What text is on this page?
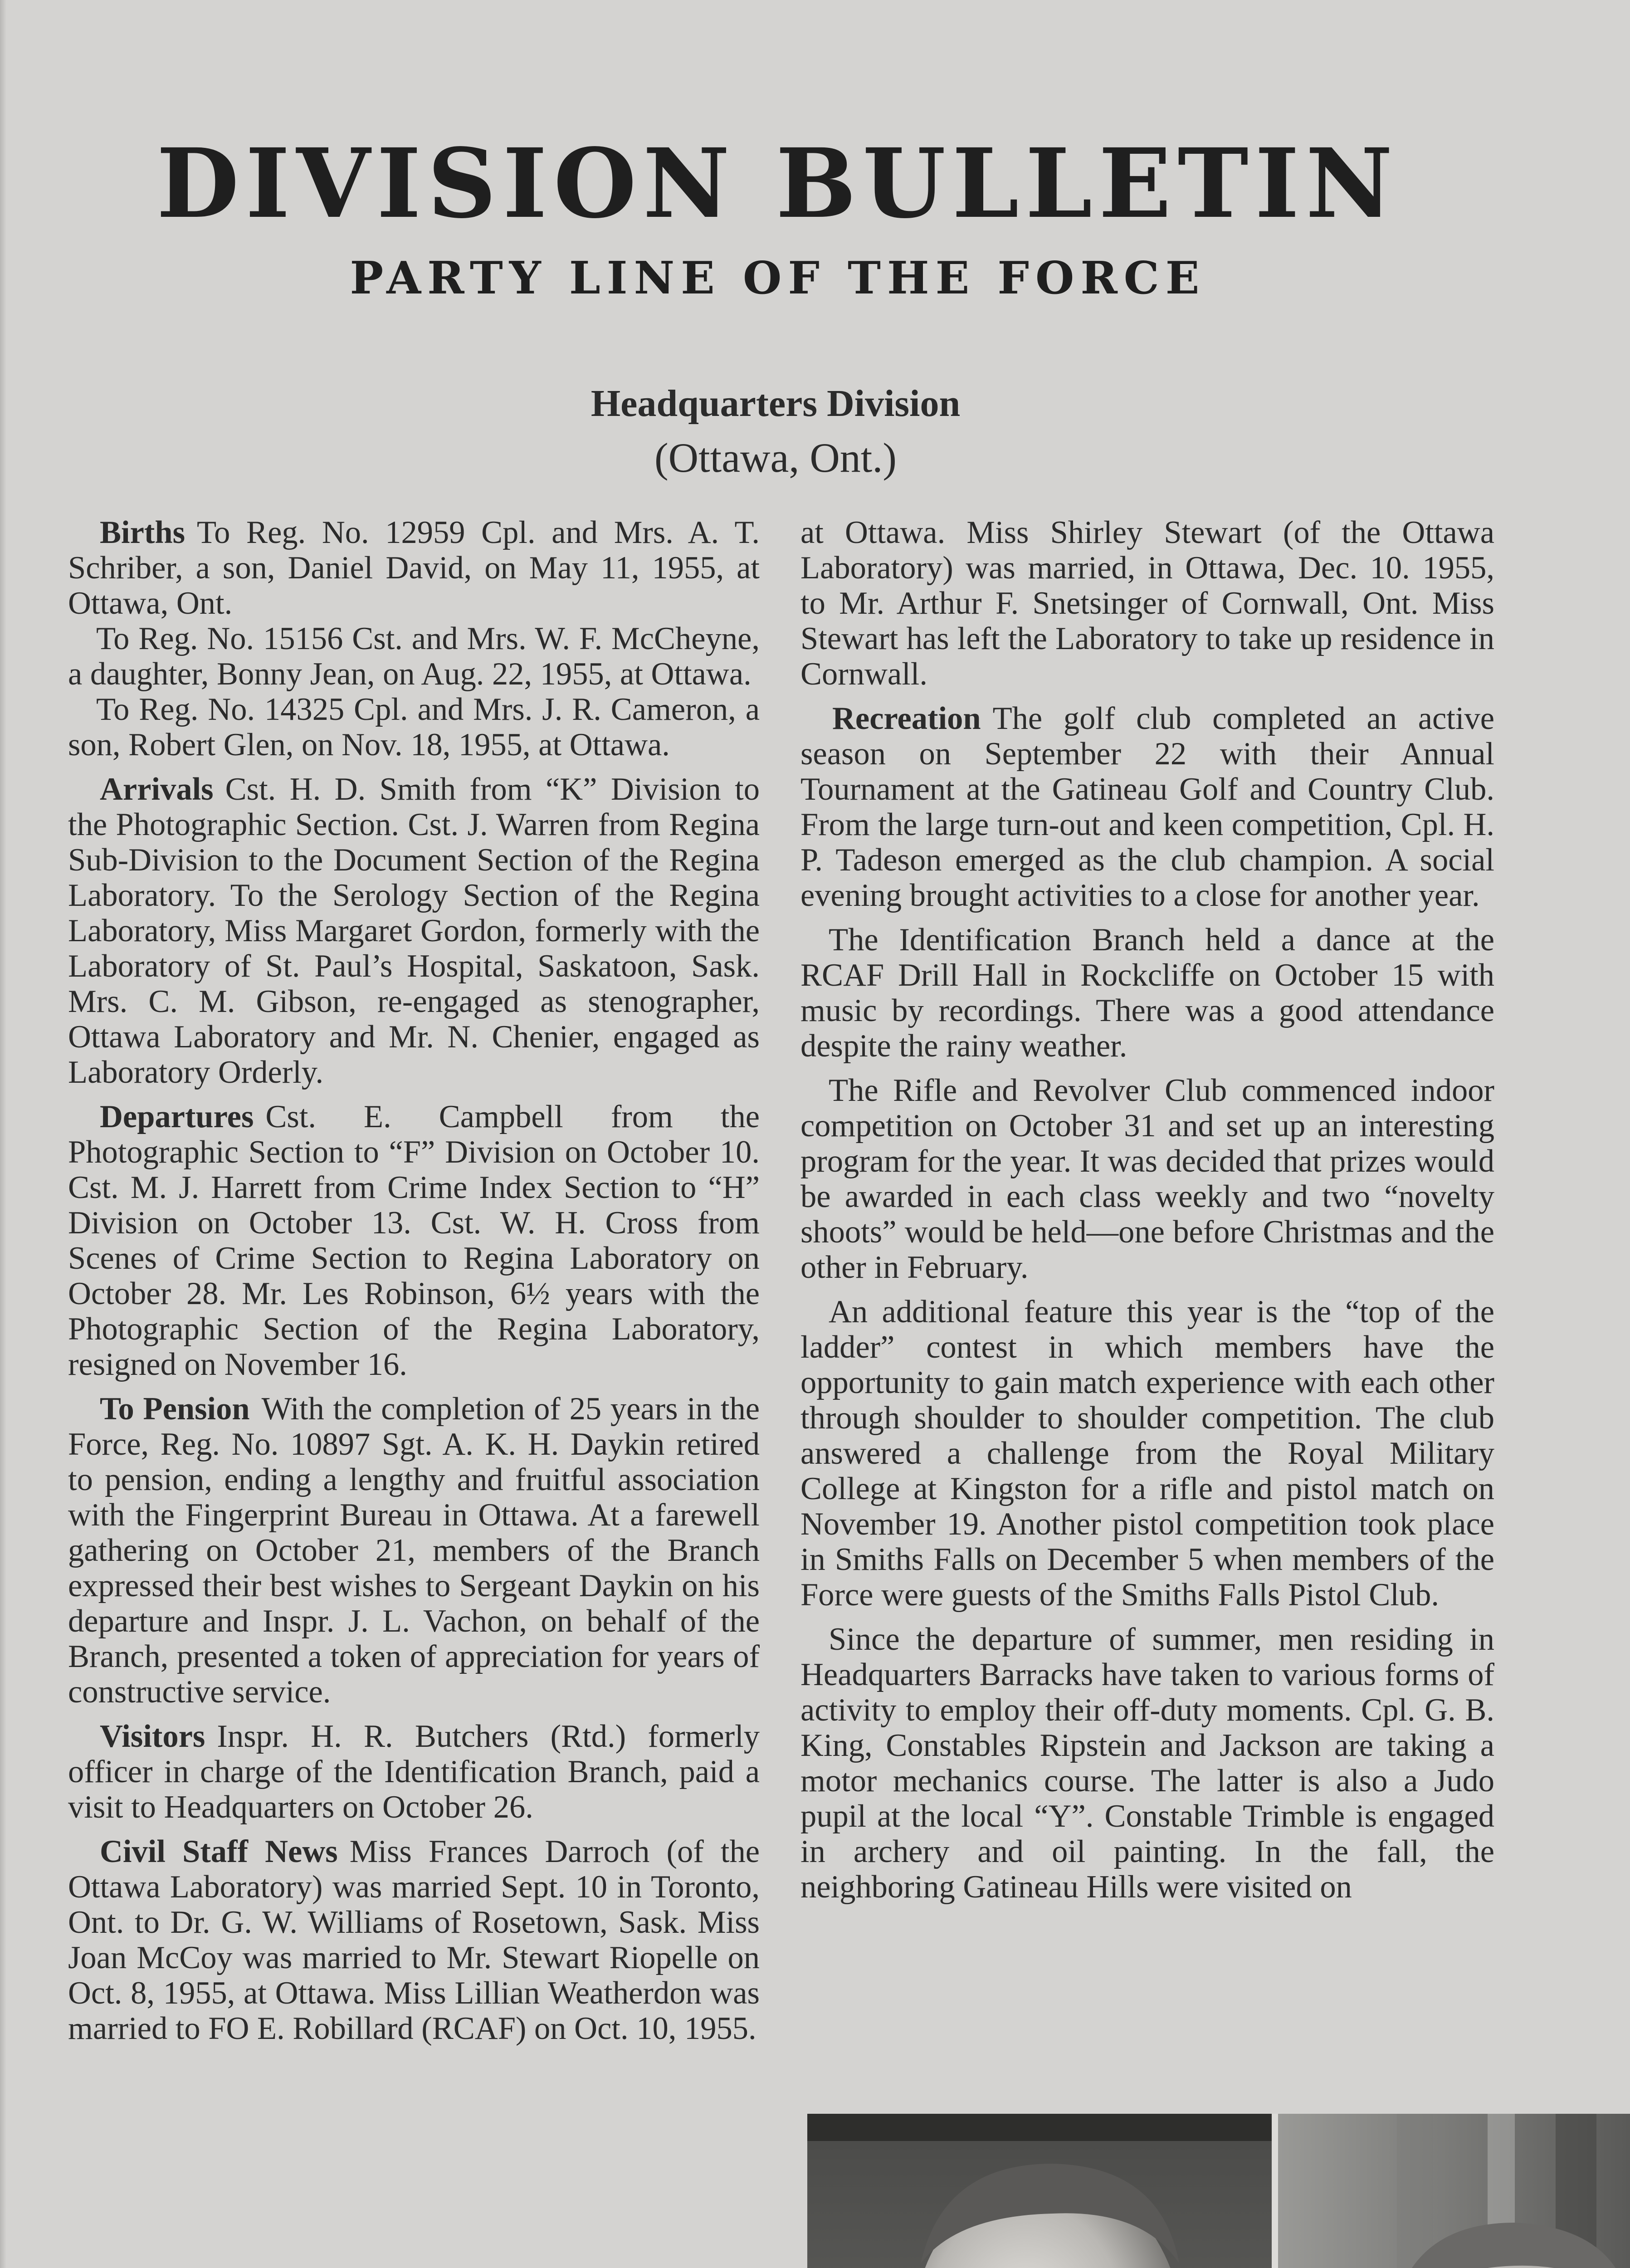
DIVISION BULLETIN
PARTY LINE OF THE FORCE
Headquarters Division
(Ottawa, Ont.)

Births To Reg. No. 12959 Cpl. and Mrs. A. T. Schriber, a son, Daniel David, on May 11, 1955, at Ottawa, Ont.

To Reg. No. 15156 Cst. and Mrs. W. F. McCheyne, a daughter, Bonny Jean, on Aug. 22, 1955, at Ottawa.

To Reg. No. 14325 Cpl. and Mrs. J. R. Cameron, a son, Robert Glen, on Nov. 18, 1955, at Ottawa.

Arrivals Cst. H. D. Smith from “K” Division to the Photographic Section. Cst. J. Warren from Regina Sub-Division to the Document Section of the Regina Laboratory. To the Serology Section of the Regina Laboratory, Miss Margaret Gordon, formerly with the Laboratory of St. Paul’s Hospital, Saskatoon, Sask. Mrs. C. M. Gibson, re-engaged as stenographer, Ottawa Laboratory and Mr. N. Chenier, engaged as Laboratory Orderly.

Departures Cst. E. Campbell from the Photographic Section to “F” Division on October 10. Cst. M. J. Harrett from Crime Index Section to “H” Division on October 13. Cst. W. H. Cross from Scenes of Crime Section to Regina Laboratory on October 28. Mr. Les Robinson, 6½ years with the Photographic Section of the Regina Laboratory, resigned on November 16.

To Pension With the completion of 25 years in the Force, Reg. No. 10897 Sgt. A. K. H. Daykin retired to pension, ending a lengthy and fruitful association with the Fingerprint Bureau in Ottawa. At a farewell gathering on October 21, members of the Branch expressed their best wishes to Sergeant Daykin on his departure and Inspr. J. L. Vachon, on behalf of the Branch, presented a token of appreciation for years of constructive service.

Visitors Inspr. H. R. Butchers (Rtd.) formerly officer in charge of the Identification Branch, paid a visit to Headquarters on October 26.

Civil Staff News Miss Frances Darroch (of the Ottawa Laboratory) was married Sept. 10 in Toronto, Ont. to Dr. G. W. Williams of Rosetown, Sask. Miss Joan McCoy was married to Mr. Stewart Riopelle on Oct. 8, 1955, at Ottawa. Miss Lillian Weatherdon was married to FO E. Robillard (RCAF) on Oct. 10, 1955.

at Ottawa. Miss Shirley Stewart (of the Ottawa Laboratory) was married, in Ottawa, Dec. 10. 1955, to Mr. Arthur F. Snetsinger of Cornwall, Ont. Miss Stewart has left the Laboratory to take up residence in Cornwall.

Recreation The golf club completed an active season on September 22 with their Annual Tournament at the Gatineau Golf and Country Club. From the large turn-out and keen competition, Cpl. H. P. Tadeson emerged as the club champion. A social evening brought activities to a close for another year.

The Identification Branch held a dance at the RCAF Drill Hall in Rockcliffe on October 15 with music by recordings. There was a good attendance despite the rainy weather.

The Rifle and Revolver Club commenced indoor competition on October 31 and set up an interesting program for the year. It was decided that prizes would be awarded in each class weekly and two “novelty shoots” would be held—one before Christmas and the other in February.

An additional feature this year is the “top of the ladder” contest in which members have the opportunity to gain match experience with each other through shoulder to shoulder competition. The club answered a challenge from the Royal Military College at Kingston for a rifle and pistol match on November 19. Another pistol competition took place in Smiths Falls on December 5 when members of the Force were guests of the Smiths Falls Pistol Club.

Since the departure of summer, men residing in Headquarters Barracks have taken to various forms of activity to employ their off-duty moments. Cpl. G. B. King, Constables Ripstein and Jackson are taking a motor mechanics course. The latter is also a Judo pupil at the local “Y”. Constable Trimble is engaged in archery and oil painting. In the fall, the neighboring Gatineau Hills were visited on
